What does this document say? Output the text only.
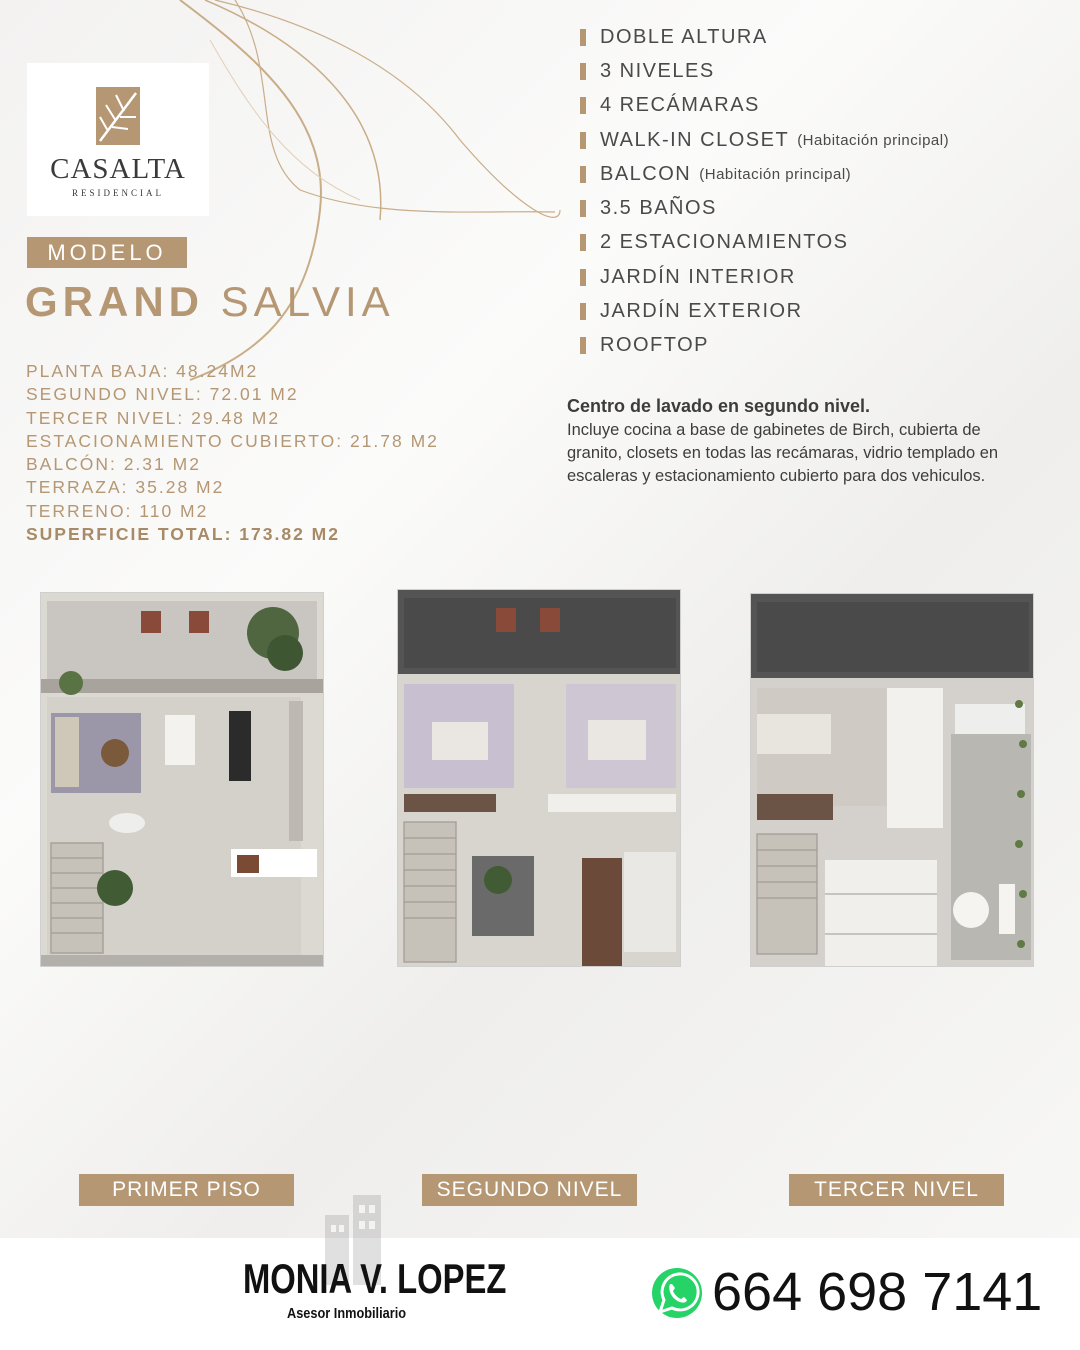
CASALTA
RESIDENCIAL
MODELO
GRAND SALVIA
PLANTA BAJA: 48.24M2
SEGUNDO NIVEL: 72.01 M2
TERCER NIVEL: 29.48 M2
ESTACIONAMIENTO CUBIERTO: 21.78 M2
BALCÓN: 2.31 M2
TERRAZA: 35.28 M2
TERRENO: 110 M2
SUPERFICIE TOTAL: 173.82 M2
DOBLE ALTURA
3 NIVELES
4 RECÁMARAS
WALK-IN CLOSET (Habitación principal)
BALCON (Habitación principal)
3.5 BAÑOS
2 ESTACIONAMIENTOS
JARDÍN INTERIOR
JARDÍN EXTERIOR
ROOFTOP
Centro de lavado en segundo nivel.
Incluye cocina a base de gabinetes de Birch, cubierta de granito, closets en todas las recámaras, vidrio templado en escaleras y estacionamiento cubierto para dos vehiculos.
PRIMER PISO	SEGUNDO NIVEL	TERCER NIVEL
MONIA V. LOPEZ
Asesor Inmobiliario	664 698 7141
